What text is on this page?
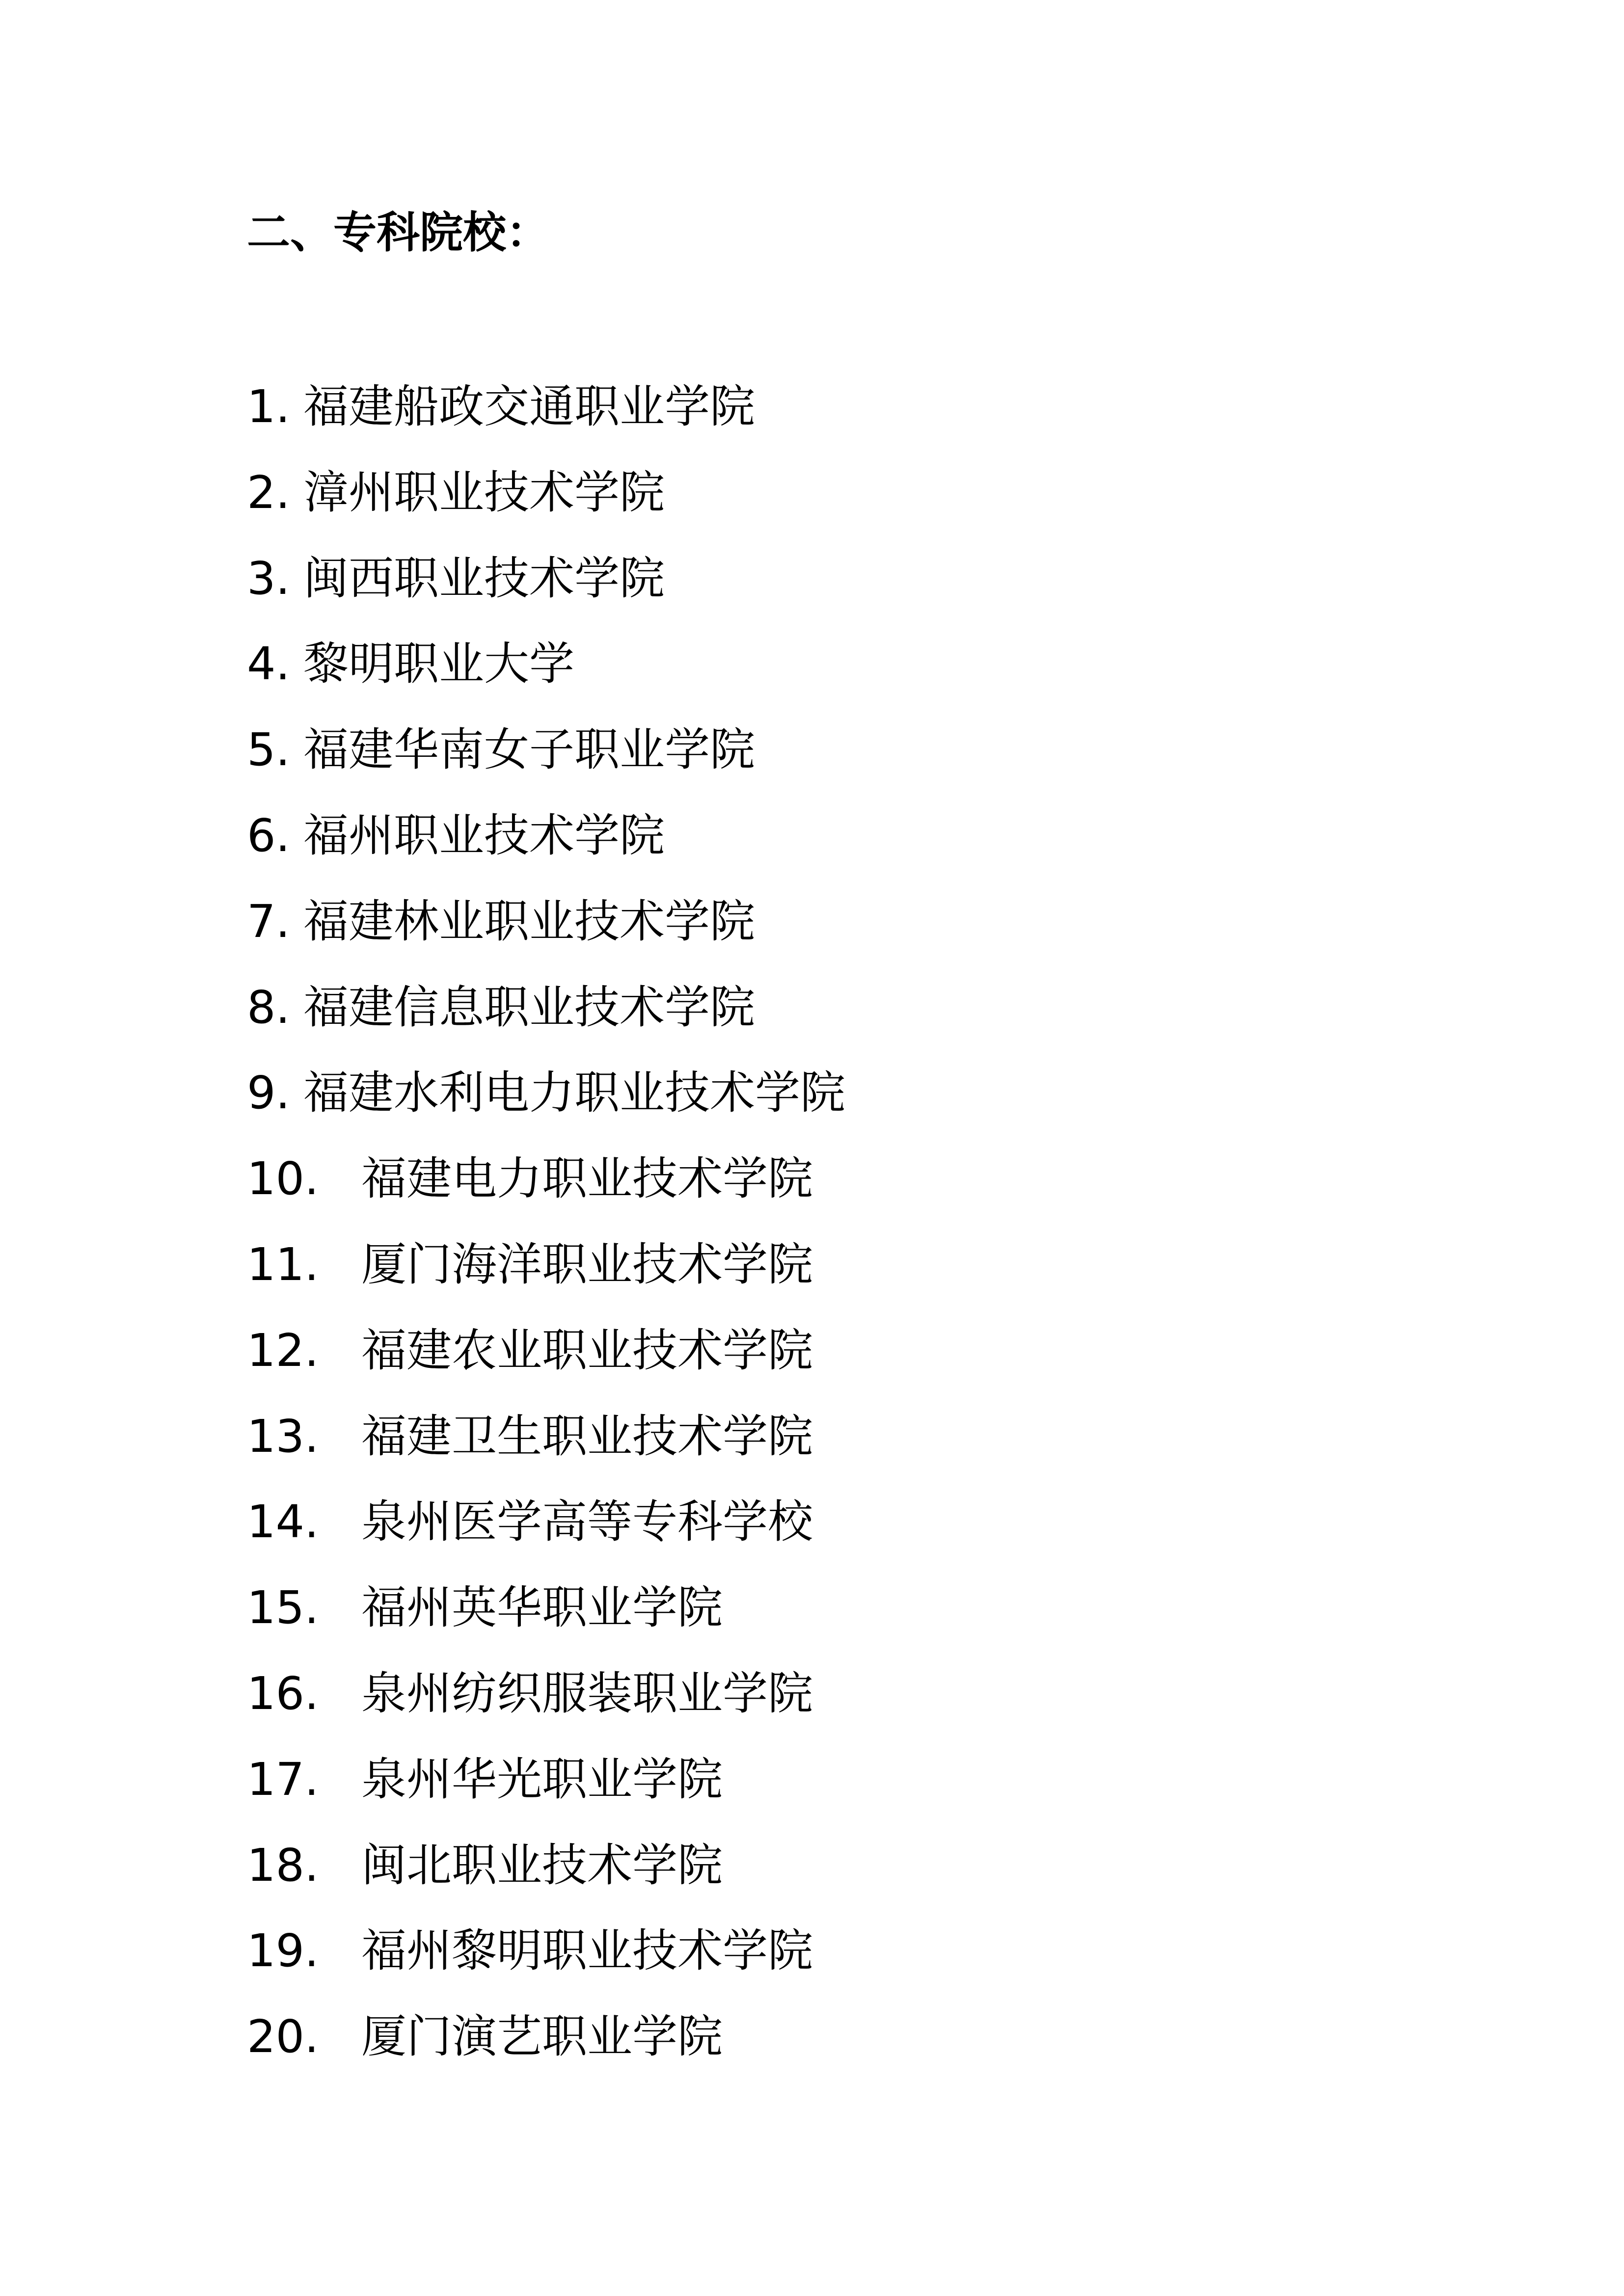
二、专科院校：
1. 福建船政交通职业学院
2. 漳州职业技术学院
3. 闽西职业技术学院
4. 黎明职业大学
5. 福建华南女子职业学院
6. 福州职业技术学院
7. 福建林业职业技术学院
8. 福建信息职业技术学院
9. 福建水利电力职业技术学院
10. 福建电力职业技术学院
11. 厦门海洋职业技术学院
12. 福建农业职业技术学院
13. 福建卫生职业技术学院
14. 泉州医学高等专科学校
15. 福州英华职业学院
16. 泉州纺织服装职业学院
17. 泉州华光职业学院
18. 闽北职业技术学院
19. 福州黎明职业技术学院
20. 厦门演艺职业学院
